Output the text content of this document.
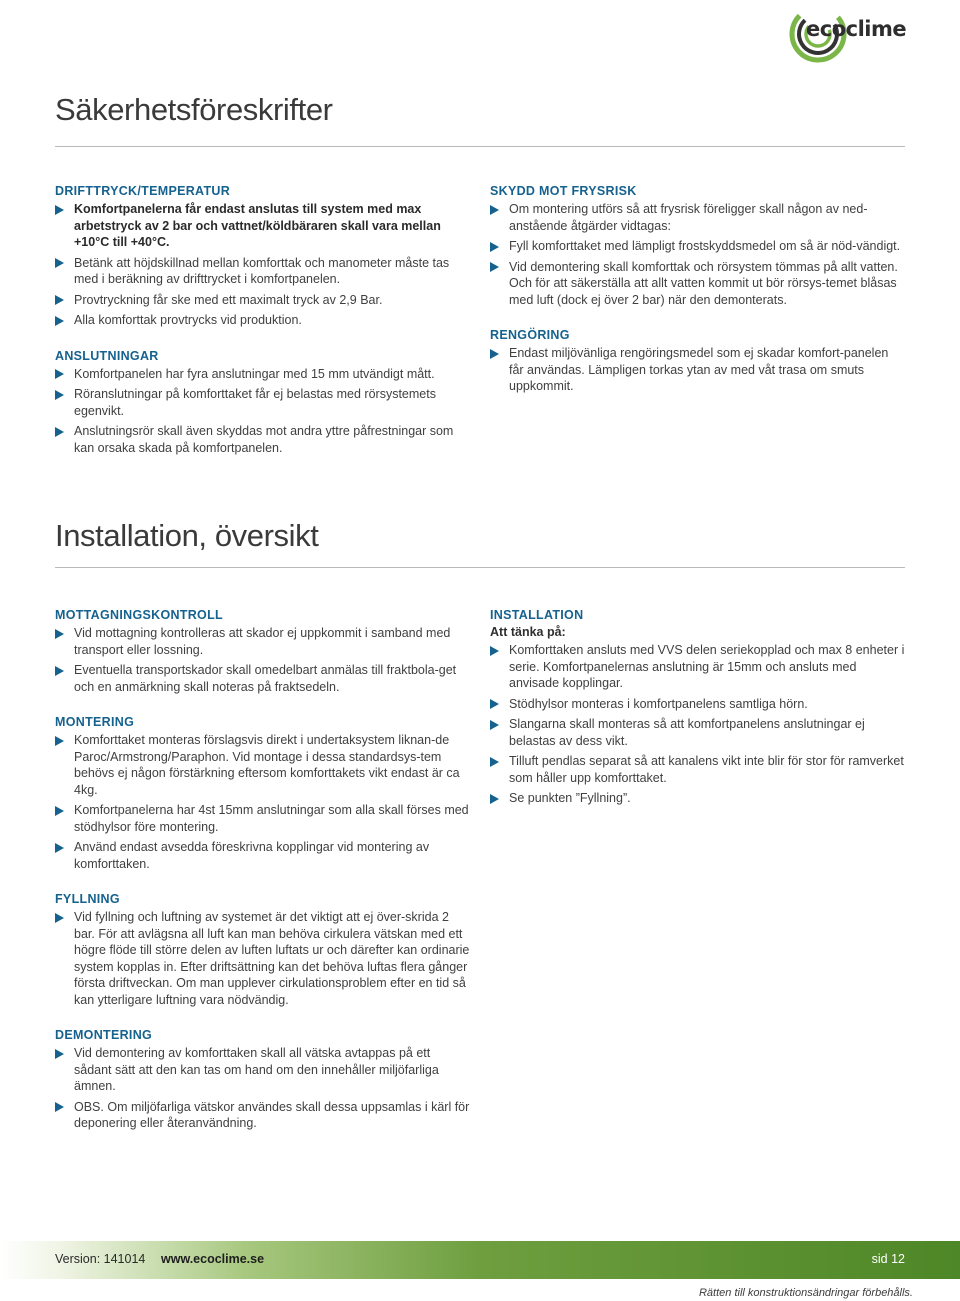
ecoclime
Säkerhetsföreskrifter
DRIFTTRYCK/TEMPERATUR
Komfortpanelerna får endast anslutas till system med max arbetstryck av 2 bar och vattnet/köldbäraren skall vara mellan +10°C till +40°C.
Betänk att höjdskillnad mellan komforttak och manometer måste tas med i beräkning av drifttrycket i komfortpanelen.
Provtryckning får ske med ett maximalt tryck av 2,9 Bar.
Alla komforttak provtrycks vid produktion.
ANSLUTNINGAR
Komfortpanelen har fyra anslutningar med 15 mm utvändigt mått.
Röranslutningar på komforttaket får ej belastas med rörsystemets egenvikt.
Anslutningsrör skall även skyddas mot andra yttre påfrestningar som kan orsaka skada på komfortpanelen.
SKYDD MOT FRYSRISK
Om montering utförs så att frysrisk föreligger skall någon av ned-anstående åtgärder vidtagas:
Fyll komforttaket med lämpligt frostskyddsmedel om så är nöd-vändigt.
Vid demontering skall komforttak och rörsystem tömmas på allt vatten. Och för att säkerställa att allt vatten kommit ut bör rörsys-temet blåsas med luft (dock ej över 2 bar) när den demonterats.
RENGÖRING
Endast miljövänliga rengöringsmedel som ej skadar komfort-panelen får användas. Lämpligen torkas ytan av med våt trasa om smuts uppkommit.
Installation, översikt
MOTTAGNINGSKONTROLL
Vid mottagning kontrolleras att skador ej uppkommit i samband med transport eller lossning.
Eventuella transportskador skall omedelbart anmälas till fraktbola-get och en anmärkning skall noteras på fraktsedeln.
MONTERING
Komforttaket monteras förslagsvis direkt i undertaksystem liknan-de Paroc/Armstrong/Paraphon. Vid montage i dessa standardsys-tem behövs ej någon förstärkning eftersom komforttakets vikt endast är ca 4kg.
Komfortpanelerna har 4st 15mm anslutningar som alla skall förses med stödhylsor före montering.
Använd endast avsedda föreskrivna kopplingar vid montering av komforttaken.
FYLLNING
Vid fyllning och luftning av systemet är det viktigt att ej över-skrida 2 bar. För att avlägsna all luft kan man behöva cirkulera vätskan med ett högre flöde till större delen av luften luftats ur och därefter kan ordinarie system kopplas in. Efter driftsättning kan det behöva luftas flera gånger första driftveckan. Om man upplever cirkulationsproblem efter en tid så kan ytterligare luftning vara nödvändig.
DEMONTERING
Vid demontering av komforttaken skall all vätska avtappas på ett sådant sätt att den kan tas om hand om den innehåller miljöfarliga ämnen.
OBS. Om miljöfarliga vätskor användes skall dessa uppsamlas i kärl för deponering eller återanvändning.
INSTALLATION
Att tänka på:
Komforttaken ansluts med VVS delen seriekopplad och max 8 enheter i serie. Komfortpanelernas anslutning är 15mm och ansluts med anvisade kopplingar.
Stödhylsor monteras i komfortpanelens samtliga hörn.
Slangarna skall monteras så att komfortpanelens anslutningar ej belastas av dess vikt.
Tilluft pendlas separat så att kanalens vikt inte blir för stor för ramverket som håller upp komforttaket.
Se punkten ”Fyllning”.
Version: 141014 www.ecoclime.se	sid 12
Rätten till konstruktionsändringar förbehålls.
